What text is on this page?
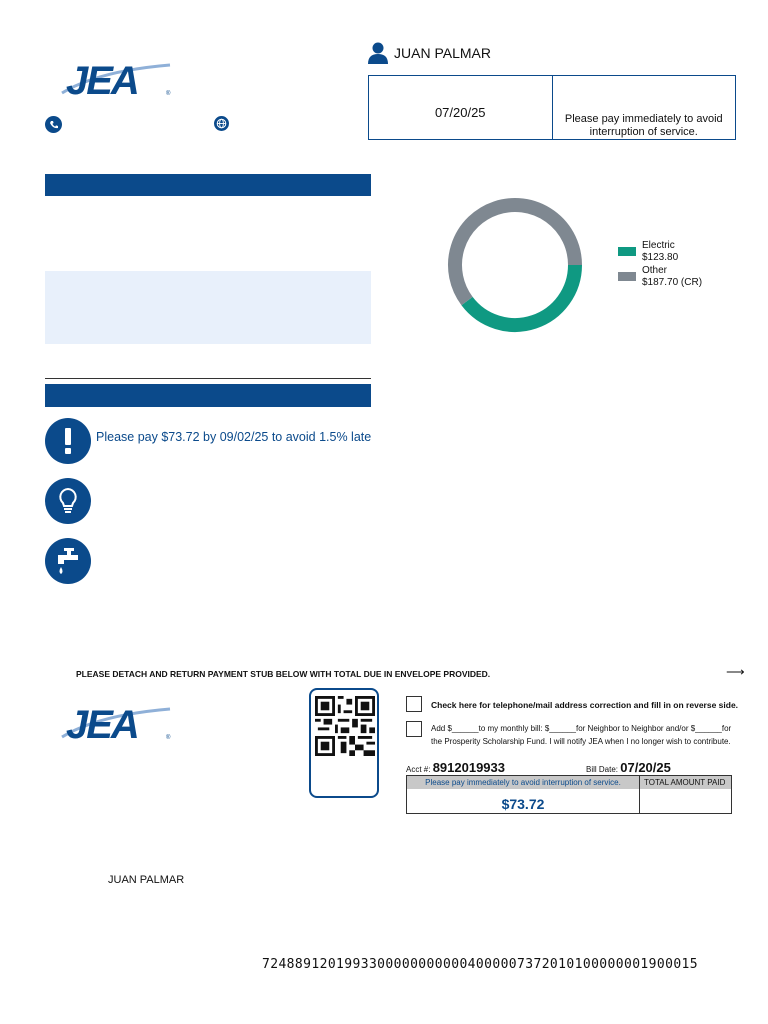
JEA	®
JUAN PALMAR
07/20/25	Please pay immediately to avoid interruption of service.
Electric
$123.80
Other
$187.70 (CR)
Please pay $73.72 by 09/02/25 to avoid 1.5% late
PLEASE DETACH AND RETURN PAYMENT STUB BELOW WITH TOTAL DUE IN ENVELOPE PROVIDED.	⟶
JEA	®
Check here for telephone/mail address correction and fill in on reverse side.
Add $______to my monthly bill: $______for Neighbor to Neighbor and/or $______for the Prosperity Scholarship Fund. I will notify JEA when I no longer wish to contribute.
Acct #: 8912019933	Bill Date: 07/20/25
Please pay immediately to avoid interruption of service.	TOTAL AMOUNT PAID
$73.72
JUAN PALMAR
7248891201993300000000000400000737201010000000190001​5
